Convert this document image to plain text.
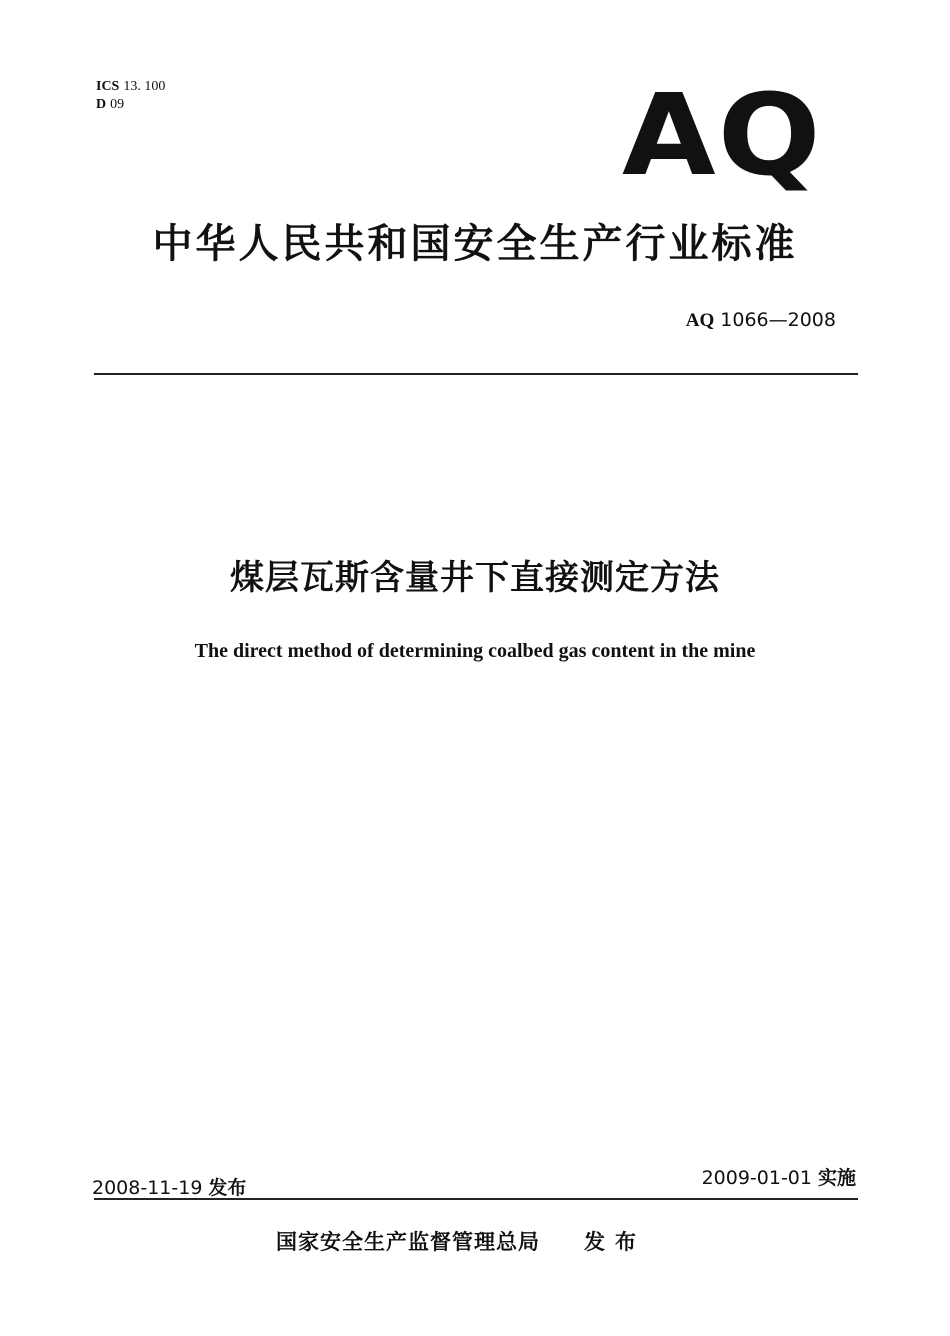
ICS 13. 100
D 09	AQ
中华人民共和国安全生产行业标准
AQ 1066—2008
煤层瓦斯含量井下直接测定方法
The direct method of determining coalbed gas content in the mine
2008-11-19 发布	2009-01-01 实施
国家安全生产监督管理总局 发布
